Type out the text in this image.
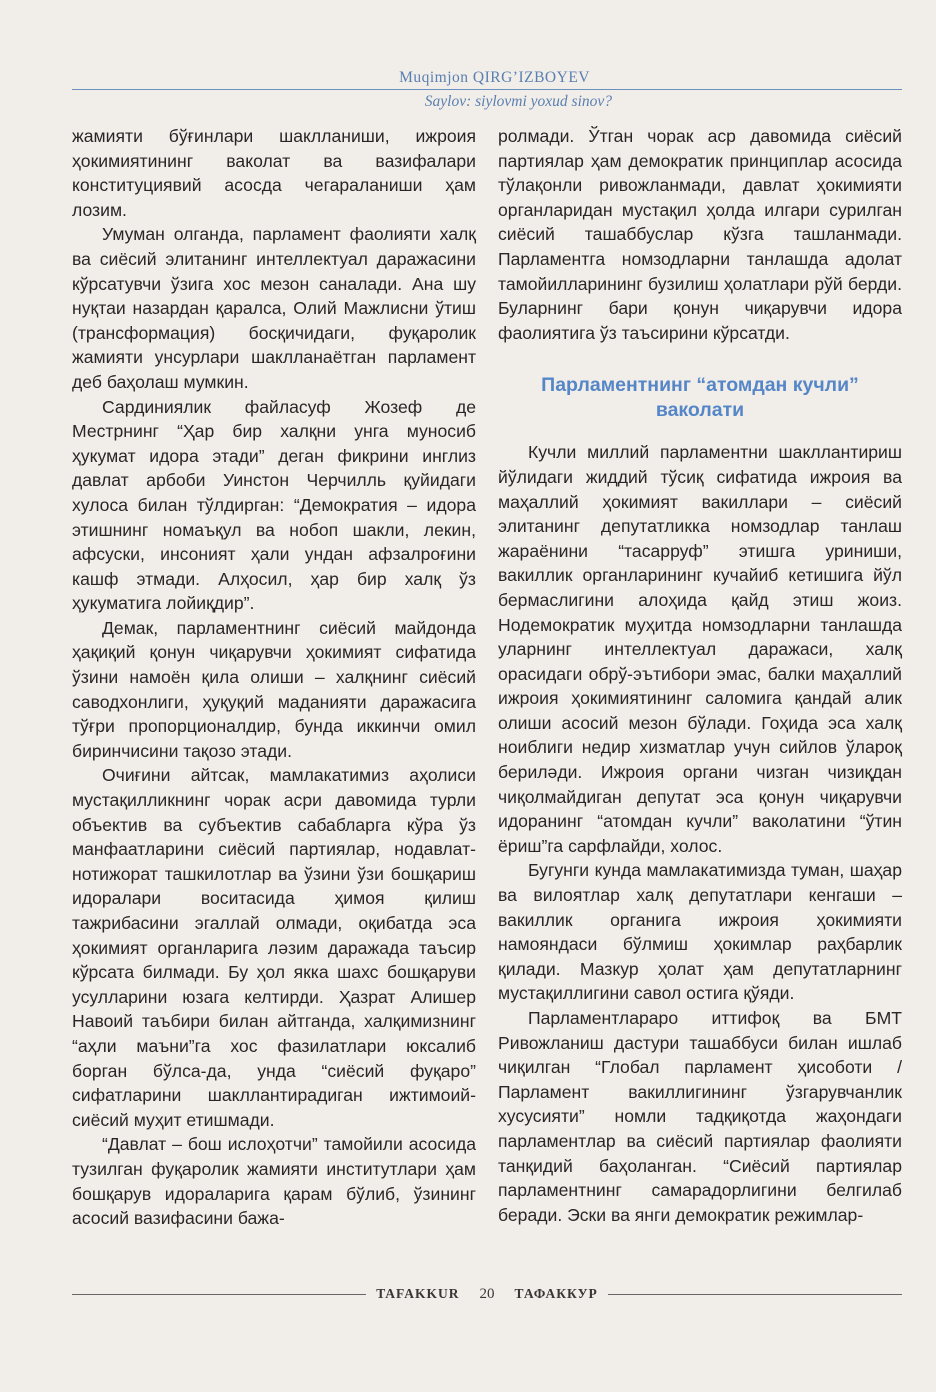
Muqimjon QIRG’IZBOYEV

Saylov: siylovmi yoxud sinov?

жамияти бўғинлари шаклланиши, ижроия ҳокимиятининг ваколат ва вазифалари конституциявий асосда чегараланиши ҳам лозим.

Умуман олганда, парламент фаолияти халқ ва сиёсий элитанинг интеллектуал даражасини кўрсатувчи ўзига хос мезон саналади. Ана шу нуқтаи назардан қаралса, Олий Мажлисни ўтиш (трансформация) босқичидаги, фуқаролик жамияти унсурлари шаклланаётган парламент деб баҳолаш мумкин.

Сардиниялик файласуф Жозеф де Местрнинг “Ҳар бир халқни унга муносиб ҳукумат идора этади” деган фикрини инглиз давлат арбоби Уинстон Черчилль қуйидаги хулоса билан тўлдирган: “Демократия – идора этишнинг номаъқул ва нобоп шакли, лекин, афсуски, инсоният ҳали ундан афзалроғини кашф этмади. Алҳосил, ҳар бир халқ ўз ҳукуматига лойиқдир”.

Демак, парламентнинг сиёсий майдонда ҳақиқий қонун чиқарувчи ҳокимият сифатида ўзини намоён қила олиши – халқнинг сиёсий саводхонлиги, ҳуқуқий маданияти даражасига тўғри пропорционалдир, бунда иккинчи омил биринчисини тақозо этади.

Очиғини айтсак, мамлакатимиз аҳолиси мустақилликнинг чорак асри давомида турли объектив ва субъектив сабабларга кўра ўз манфаатларини сиёсий партиялар, нодавлат-нотижорат ташкилотлар ва ўзини ўзи бошқариш идоралари воситасида ҳимоя қилиш тажрибасини эгаллай олмади, оқибатда эса ҳокимият органларига ләзим даражада таъсир кўрсата билмади. Бу ҳол якка шахс бошқаруви усулларини юзага келтирди. Ҳазрат Алишер Навоий таъбири билан айтганда, халқимизнинг “аҳли маъни”га хос фазилатлари юксалиб борган бўлса-да, унда “сиёсий фуқаро” сифатларини шакллантирадиган ижтимоий-сиёсий муҳит етишмади.

“Давлат – бош ислоҳотчи” тамойили асосида тузилган фуқаролик жамияти институтлари ҳам бошқарув идораларига қарам бўлиб, ўзининг асосий вазифасини бажа-

ролмади. Ўтган чорак аср давомида сиёсий партиялар ҳам демократик принциплар асосида тўлақонли ривожланмади, давлат ҳокимияти органларидан мустақил ҳолда илгари сурилган сиёсий ташаббуслар кўзга ташланмади. Парламентга номзодларни танлашда адолат тамойилларининг бузилиш ҳолатлари рўй берди. Буларнинг бари қонун чиқарувчи идора фаолиятига ўз таъсирини кўрсатди.

Парламентнинг “атомдан кучли”
ваколати

Кучли миллий парламентни шакллантириш йўлидаги жиддий тўсиқ сифатида ижроия ва маҳаллий ҳокимият вакиллари – сиёсий элитанинг депутатликка номзодлар танлаш жараёнини “тасарруф” этишга уриниши, вакиллик органларининг кучайиб кетишига йўл бермаслигини алоҳида қайд этиш жоиз. Нодемократик муҳитда номзодларни танлашда уларнинг интеллектуал даражаси, халқ орасидаги обрў-эътибори эмас, балки маҳаллий ижроия ҳокимиятининг саломига қандай алик олиши асосий мезон бўлади. Гоҳида эса халқ ноиблиги недир хизматлар учун сийлов ўлароқ бериләди. Ижроия органи чизган чизиқдан чиқолмайдиган депутат эса қонун чиқарувчи идоранинг “атомдан кучли” ваколатини “ўтин ёриш”га сарфлайди, холос.

Бугунги кунда мамлакатимизда туман, шаҳар ва вилоятлар халқ депутатлари кенгаши – вакиллик органига ижроия ҳокимияти намояндаси бўлмиш ҳокимлар раҳбарлик қилади. Мазкур ҳолат ҳам депутатларнинг мустақиллигини савол остига қўяди.

Парламентлараро иттифоқ ва БМТ Ривожланиш дастури ташаббуси билан ишлаб чиқилган “Глобал парламент ҳисоботи / Парламент вакиллигининг ўзгарувчанлик хусусияти” номли тадқиқотда жаҳондаги парламентлар ва сиёсий партиялар фаолияти танқидий баҳоланган. “Сиёсий партиялар парламентнинг самарадорлигини белгилаб беради. Эски ва янги демократик режимлар-

TAFAKKUR	20	ТАФАККУР
